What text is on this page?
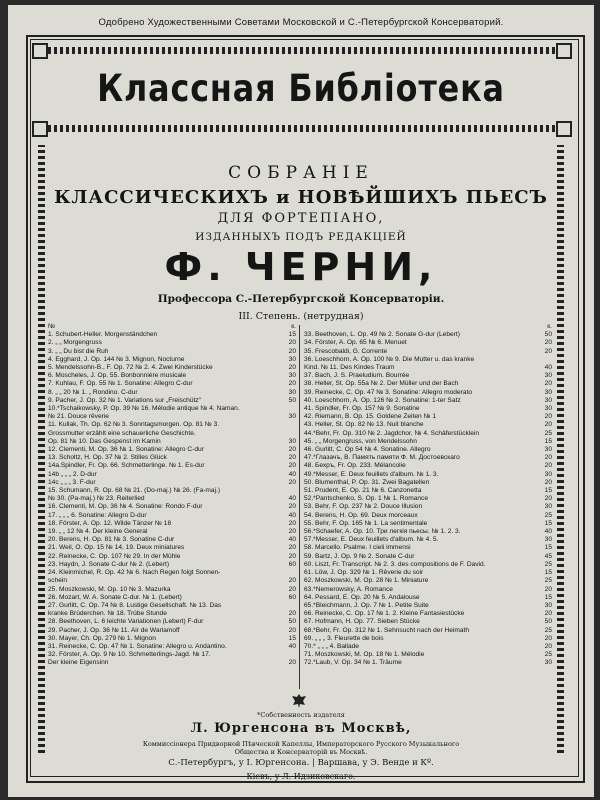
Одобрено Художественными Советами Московской и С.-Петербургской Консерваторий.
Классная Библiотека
СОБРАНIЕ
КЛАССИЧЕСКИХЪ и НОВѢЙШИХЪ ПЬЕСЪ
ДЛЯ ФОРТЕПIАНО,
ИЗДАННЫХЪ ПОДЪ РЕДАКЦIЕЙ
Ф. ЧЕРНИ,
Профессора С.-Петербургской Консерваторiи.
III. Степень. (нетрудная)
№	к.
1. Schubert-Heller. Morgenständchen	15
2. „ „ Morgengruss	20
3. „ „ Du bist die Ruh	20
4. Egghard, J. Op. 144 № 3. Mignon, Nocturne	30
5. Mendelssohn-B., F. Op. 72 № 2. 4. Zwei Kinderstücke	20
6. Moscheles, J. Op. 55. Bonbonnière musicale	30
7. Kuhlau, F. Op. 55 № 1. Sonatine: Allegro C-dur	20
8. „ „ 20 № 1. „ Rondino. C-dur	30
9. Pacher, J. Op. 32 № 1. Variations sur „Freischütz“	50
10.*Tschaikowsky, P. Op. 39 № 16. Mélodie antique № 4. Naman.
№ 21. Douce rêverie	30
11. Kullak, Th. Op. 62 № 3. Sonntagsmorgen. Op. 81 № 3.
Grossmutter erzählt eine schauerliche Geschichte.
Op. 81 № 10. Das Gespenst im Kamin	30
12. Clementi, M. Op. 36 № 1. Sonatine: Allegro C-dur	20
13. Scholtz, H. Op. 37 № 2. Stilles Glück	20
14a.Spindler, Fr. Op. 66. Schmetterlinge. № 1. Es-dur	20
14b „ „ „ 2. D-dur	40
14c „ „ „ 3. F-dur	20
15. Schumann, R. Op. 68 № 21. (Do-maj.) № 26. (Fa-maj.)
№ 30. (Pa-maj.) № 23. Reiterlied	40
16. Clementi, M. Op. 36 № 4. Sonatine: Rondo F-dur	20
17. „ „ „ 6. Sonatine: Allegro D-dur	40
18. Förster, A. Op. 12. Wilde Tänzer № 18	20
19. „ „ 12 № 4. Der kleine General	20
20. Berens, H. Op. 81 № 3. Sonatine C-dur	40
21. Weil, O. Op. 15 № 14, 19. Deux miniatures	20
22. Reinecke, C. Op. 107 № 29. In der Mühle	20
23. Haydn, J. Sonate C-dur № 2. (Lebert)	60
24. Kleinmichel, R. Op. 42 № 6. Nach Regen folgt Sonnen-
schein	20
25. Moszkowski, M. Op. 10 № 3. Mazurka	20
26. Mozart, W. A. Sonate C-dur. № 1. (Lebert)	60
27. Gurlitt, C. Op. 74 № 8. Lustige Gesellschaft. № 13. Das
kranke Brüderchen. № 18. Trübe Stunde	20
28. Beethoven, L. 6 leichte Variationen (Lebert) F-dur	50
29. Pacher, J. Op. 36 № 11. Air de Warlamoff	20
30. Mayer, Ch. Op. 279 № 1. Mignon	15
31. Reinecke, C. Op. 47 № 1. Sonatine: Allegro u. Andantino.	40
32. Förster, A. Op. 9 № 10. Schmetterlings-Jagd. № 17.
Der kleine Eigensinn	20
к.
33. Beethoven, L. Op. 49 № 2. Sonate G-dur (Lebert)	50
34. Förster, A. Op. 65 № 6. Menuet	20
35. Frescobaldi, G. Corrente	20
36. Loeschhorn, A. Op. 100 № 9. Die Mutter u. das kranke
Kind. № 11. Des Kindes Traum	40
37. Bach, J. S. Praeludium. Bourrée	30
38. Heller, St. Op. 55a № 2. Der Müller und der Bach	20
39. Reinecke, C. Op. 47 № 3. Sonatine: Allegro moderato	30
40. Loeschhorn, A. Op. 126 № 2. Sonatine: 1-ter Satz	30
41. Spindler, Fr. Op. 157 № 9. Sonatine	30
42. Riemann, B. Op. 15. Goldene Zeiten № 1	20
43. Heller, St. Op. 82 № 13. Nuit blanche	20
44.*Behr, Fr. Op. 310 № 2. Jagdchor. № 4. Schäferstücklein	25
45. „ „ Morgengruss, von Mendelssohn	15
46. Gurlitt, C. Op 54 № 4. Sonatine. Allegro	30
47.*Глазачъ, В. Память памяти Ф. М. Достоевскаго	20
48. Бехръ, Fr. Op. 233. Mélancolie	20
49.*Messer, E. Deux feuillets d'album. № 1. 3.	30
50. Blumenthal, P. Op. 31. Zwei Bagatellen	20
51. Prudent, E. Op. 21 № 6. Canzonetta	15
52.*Pantschenko, S. Op. 1 № 1. Romance	20
53. Behr, F. Op. 237 № 2. Douce Illusion	30
54. Berens, H. Op. 69. Deux morceaux	25
55. Behr, F. Op. 165 № 1. La sentimentale	15
56.*Schaefer, A. Op. 10. Три легкія пьесы. № 1. 2. 3.	40
57.*Messer, E. Deux feuillets d'album. № 4. 5.	30
58. Marcello. Psalme. I cieli immensi	15
59. Bartz, J. Op. 9 № 2. Sonate C-dur	45
60. Liszt, Fr. Transcript. № 2. 3. des compositions de F. David.	25
61. Löw, J. Op. 329 № 1. Rêverie du soir	15
62. Moszkowski, M. Op. 28 № 1. Miniature	25
63.*Nemerowsky, A. Romance	20
64. Pessard, E. Op. 20 № 5. Andalouse	15
65.*Bleichmann, J. Op. 7 № 1. Petite Suite	30
66. Reinecke, C. Op. 17 № 1. 2. Kleine Fantasiestücke	20
67. Hofmann, H. Op. 77. Sieben Stücke	50
68.*Behr, Fr. Op. 312 № 1. Sehnsucht nach der Heimath	25
69. „ „ „ 3. Fleurette de bois	20
70.* „ „ „ 4. Ballade	20
71. Moszkowski, M. Op. 18 № 1. Mélodie	25
72.*Laub, V. Op. 34 № 1. Träume	30
*Собственность издателя
Л. Юргенсона въ Москвѣ,
Коммиссіонера Придворной Пѣвческой Капеллы, Императорского Русского Музыкального
Общества и Консерваторій въ Москвѣ.
С.-Петербургъ, у I. Юргенсона. | Варшава, у Э. Вендe и Кº.
Кiевъ, у Л. Идзиковскаго.
